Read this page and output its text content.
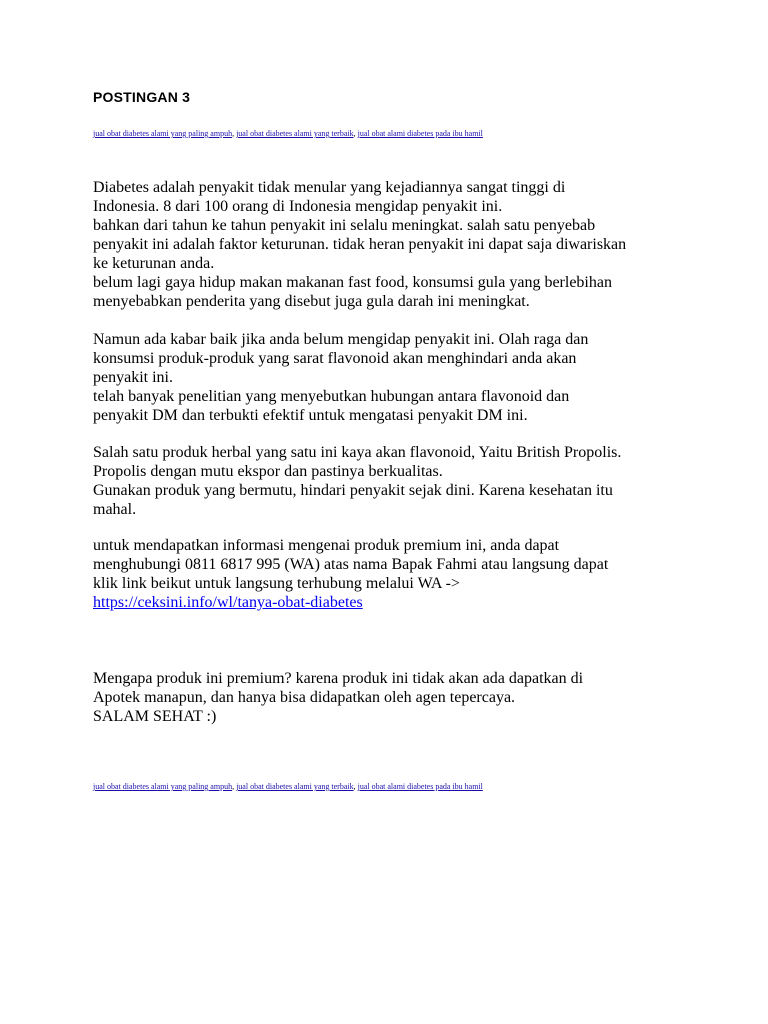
POSTINGAN 3
jual obat diabetes alami yang paling ampuh, jual obat diabetes alami yang terbaik, jual obat alami diabetes pada ibu hamil
Diabetes adalah penyakit tidak menular yang kejadiannya sangat tinggi di
Indonesia. 8 dari 100 orang di Indonesia mengidap penyakit ini.
bahkan dari tahun ke tahun penyakit ini selalu meningkat. salah satu penyebab
penyakit ini adalah faktor keturunan. tidak heran penyakit ini dapat saja diwariskan
ke keturunan anda.
belum lagi gaya hidup makan makanan fast food, konsumsi gula yang berlebihan
menyebabkan penderita yang disebut juga gula darah ini meningkat.
Namun ada kabar baik jika anda belum mengidap penyakit ini. Olah raga dan
konsumsi produk-produk yang sarat flavonoid akan menghindari anda akan
penyakit ini.
telah banyak penelitian yang menyebutkan hubungan antara flavonoid dan
penyakit DM dan terbukti efektif untuk mengatasi penyakit DM ini.
Salah satu produk herbal yang satu ini kaya akan flavonoid, Yaitu British Propolis.
Propolis dengan mutu ekspor dan pastinya berkualitas.
Gunakan produk yang bermutu, hindari penyakit sejak dini. Karena kesehatan itu
mahal.
untuk mendapatkan informasi mengenai produk premium ini, anda dapat
menghubungi 0811 6817 995 (WA) atas nama Bapak Fahmi atau langsung dapat
klik link beikut untuk langsung terhubung melalui WA ->
https://ceksini.info/wl/tanya-obat-diabetes
Mengapa produk ini premium? karena produk ini tidak akan ada dapatkan di
Apotek manapun, dan hanya bisa didapatkan oleh agen tepercaya.
SALAM SEHAT :)
jual obat diabetes alami yang paling ampuh, jual obat diabetes alami yang terbaik, jual obat alami diabetes pada ibu hamil
